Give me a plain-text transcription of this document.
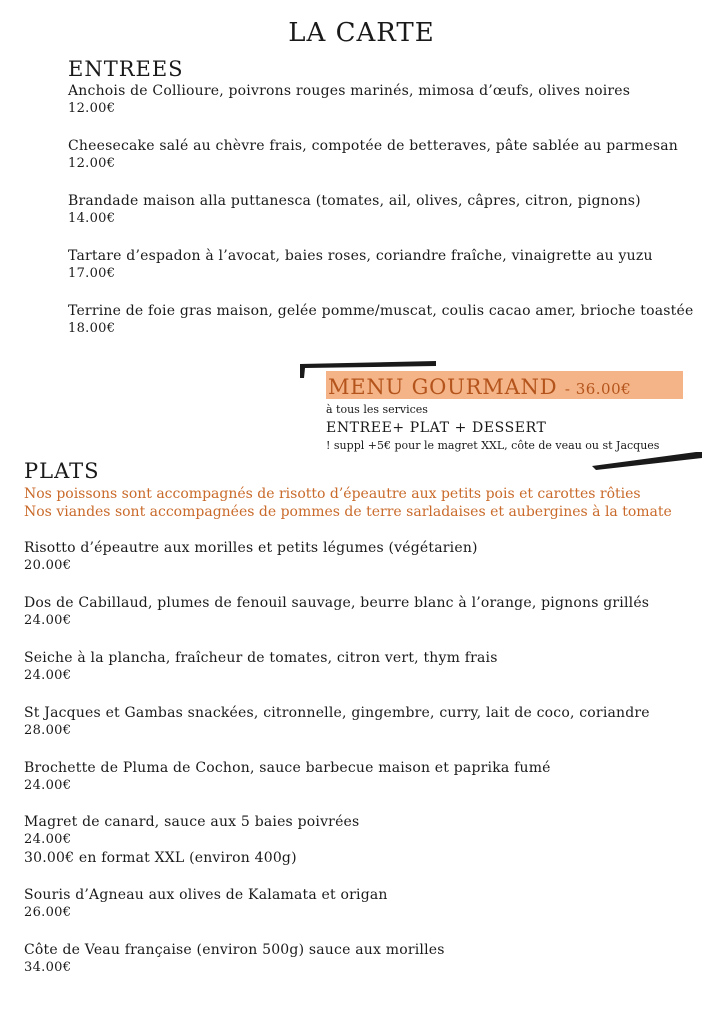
LA CARTE
ENTREES
Anchois de Collioure, poivrons rouges marinés, mimosa d’œufs, olives noires
12.00€
Cheesecake salé au chèvre frais, compotée de betteraves, pâte sablée au parmesan
12.00€
Brandade maison alla puttanesca (tomates, ail, olives, câpres, citron, pignons)
14.00€
Tartare d’espadon à l’avocat, baies roses, coriandre fraîche, vinaigrette au yuzu
17.00€
Terrine de foie gras maison, gelée pomme/muscat, coulis cacao amer, brioche toastée
18.00€
MENU GOURMAND - 36.00€
à tous les services
ENTREE+ PLAT + DESSERT
! suppl +5€ pour le magret XXL, côte de veau ou st Jacques
PLATS
Nos poissons sont accompagnés de risotto d’épeautre aux petits pois et carottes rôties
Nos viandes sont accompagnées de pommes de terre sarladaises et aubergines à la tomate
Risotto d’épeautre aux morilles et petits légumes (végétarien)
20.00€
Dos de Cabillaud, plumes de fenouil sauvage, beurre blanc à l’orange, pignons grillés
24.00€
Seiche à la plancha, fraîcheur de tomates, citron vert, thym frais
24.00€
St Jacques et Gambas snackées, citronnelle, gingembre, curry, lait de coco, coriandre
28.00€
Brochette de Pluma de Cochon, sauce barbecue maison et paprika fumé
24.00€
Magret de canard, sauce aux 5 baies poivrées
24.00€
30.00€ en format XXL (environ 400g)
Souris d’Agneau aux olives de Kalamata et origan
26.00€
Côte de Veau française (environ 500g) sauce aux morilles
34.00€
